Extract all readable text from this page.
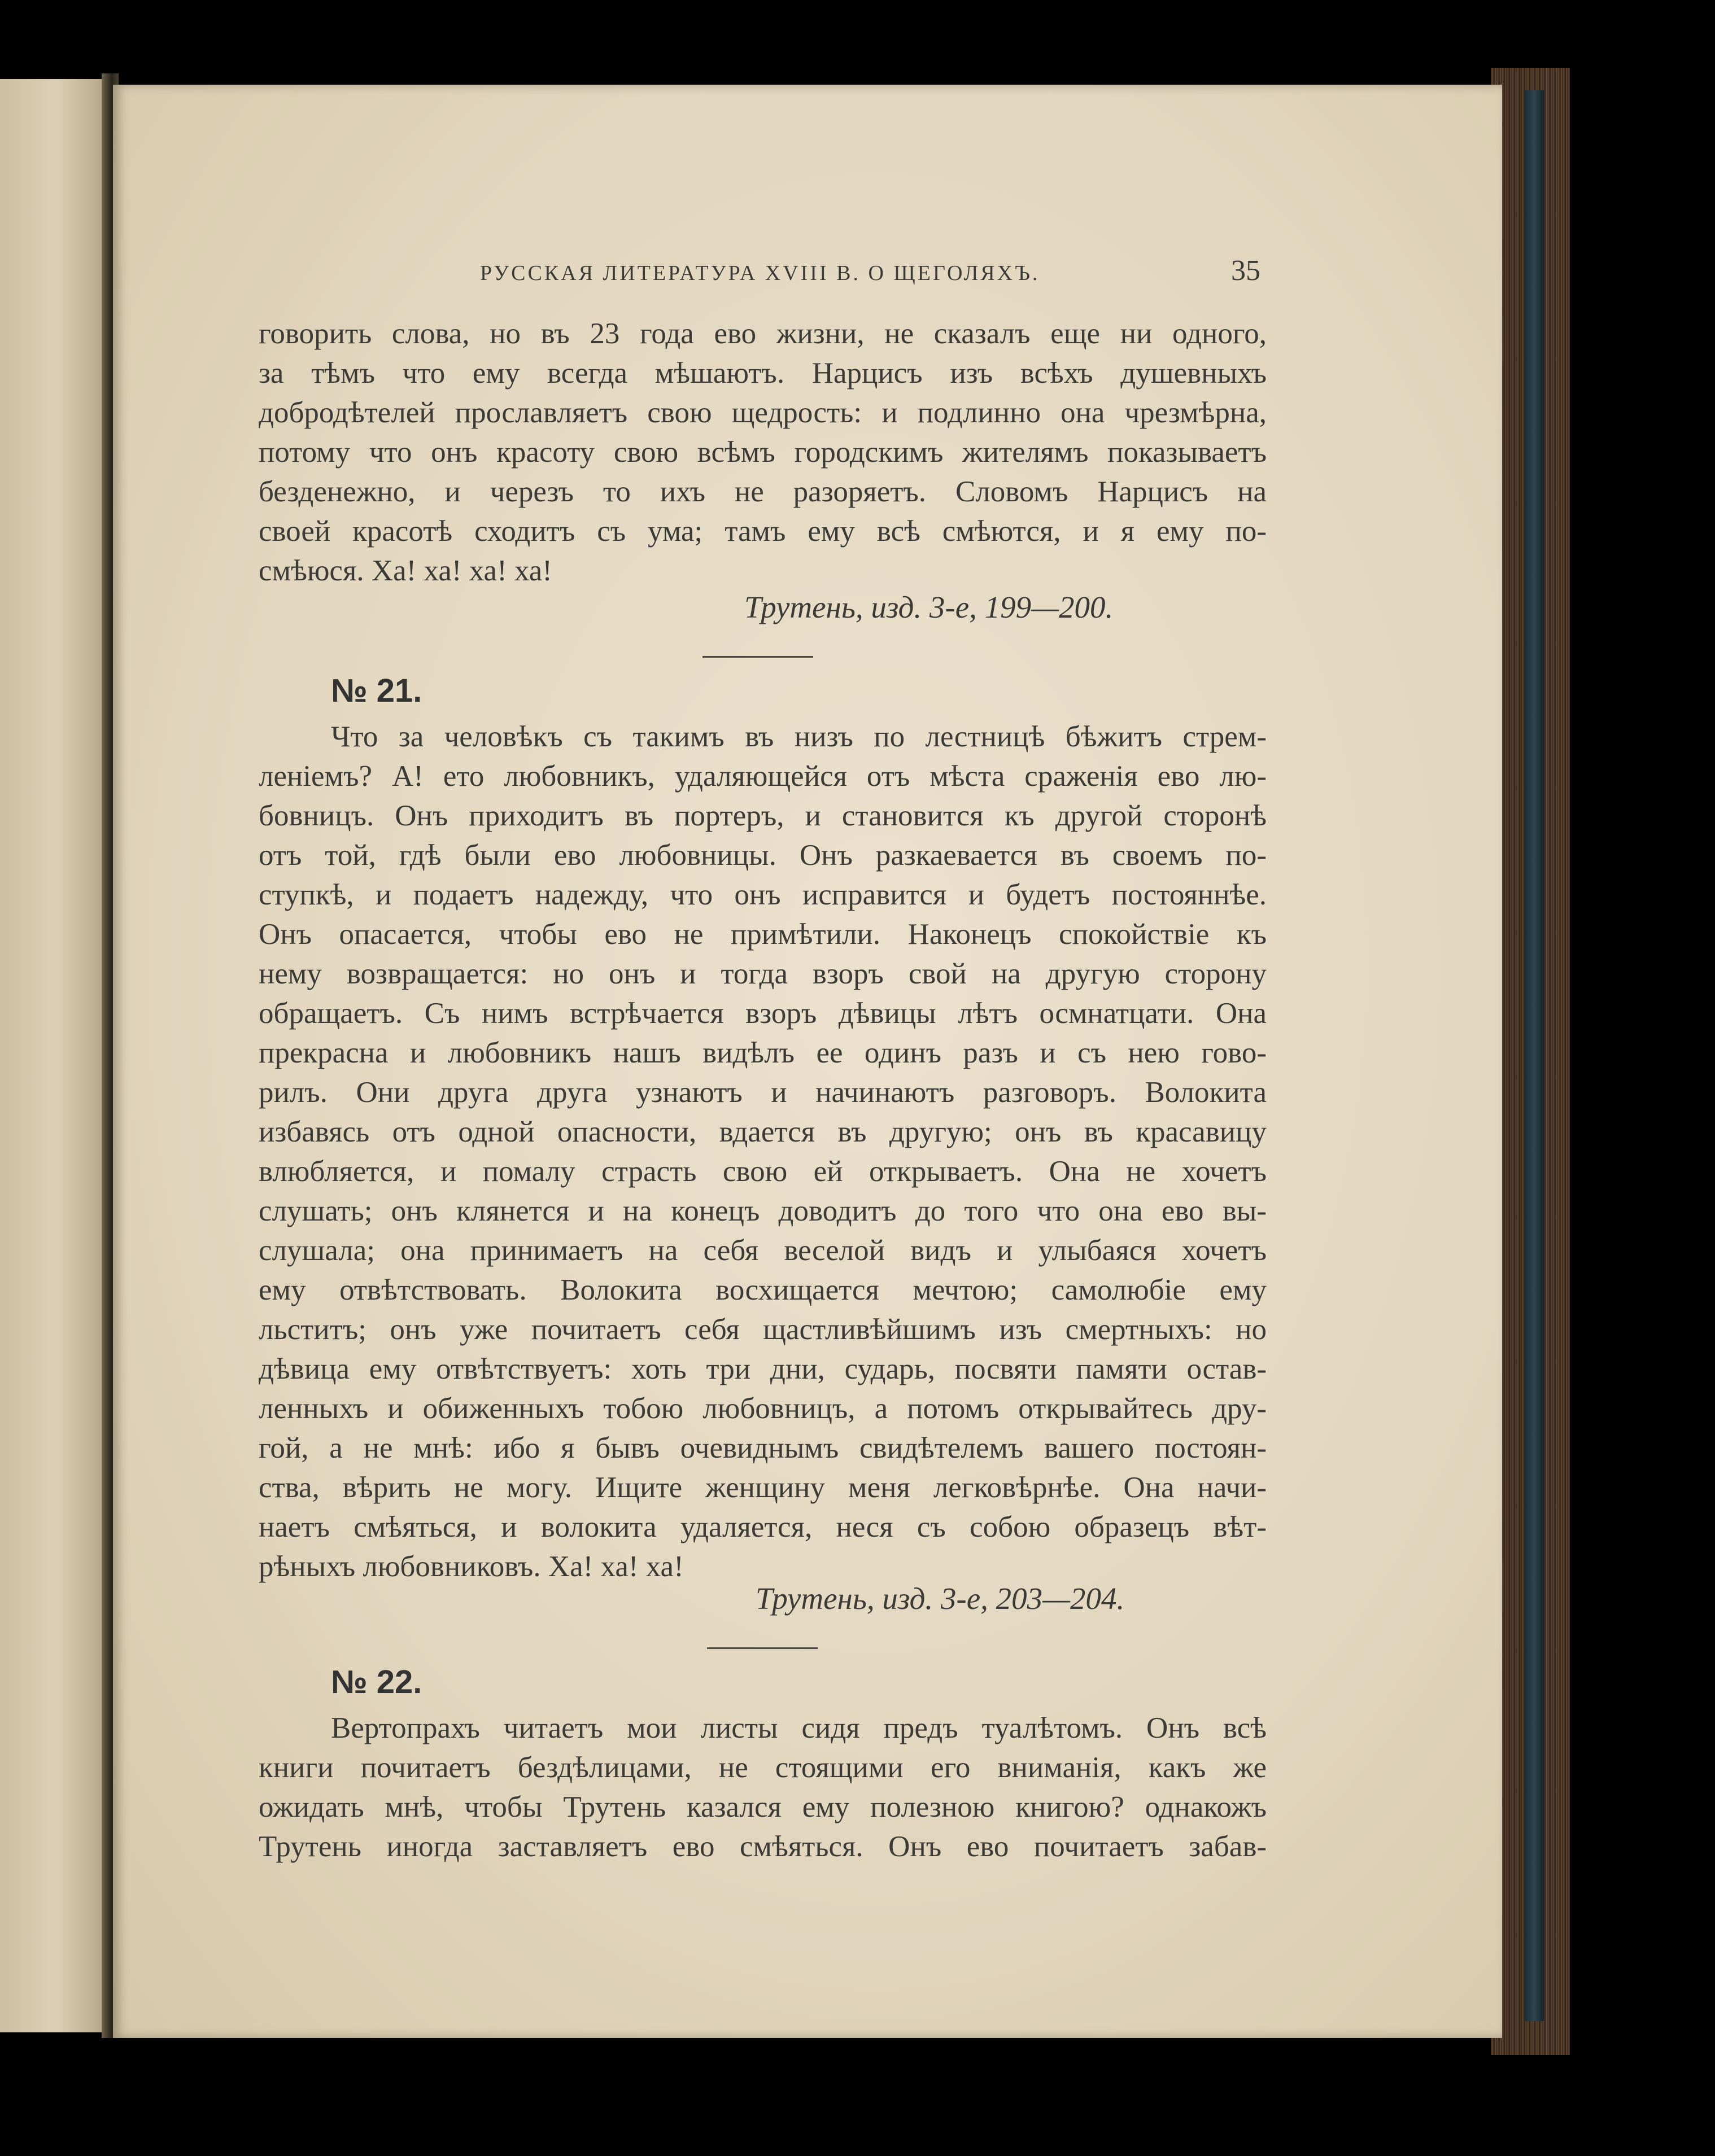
РУССКАЯ ЛИТЕРАТУРА XVIII В. О ЩЕГОЛЯХЪ.	35
говорить слова, но въ 23 года ево жизни, не сказалъ еще ни одного,
за тѣмъ что ему всегда мѣшаютъ. Нарцисъ изъ всѣхъ душевныхъ
добродѣтелей прославляетъ свою щедрость: и подлинно она чрезмѣрна,
потому что онъ красоту свою всѣмъ городскимъ жителямъ показываетъ
безденежно, и черезъ то ихъ не разоряетъ. Словомъ Нарцисъ на
своей красотѣ сходитъ съ ума; тамъ ему всѣ смѣются, и я ему по-
смѣюся. Ха! ха! ха! ха!
Трутень, изд. 3-е, 199—200.
№ 21.
Что за человѣкъ съ такимъ въ низъ по лестницѣ бѣжитъ стрем-
ленiемъ? А! ето любовникъ, удаляющейся отъ мѣста сраженiя ево лю-
бовницъ. Онъ приходитъ въ портеръ, и становится къ другой сторонѣ
отъ той, гдѣ были ево любовницы. Онъ разкаевается въ своемъ по-
ступкѣ, и подаетъ надежду, что онъ исправится и будетъ постояннѣе.
Онъ опасается, чтобы ево не примѣтили. Наконецъ спокойствiе къ
нему возвращается: но онъ и тогда взоръ свой на другую сторону
обращаетъ. Съ нимъ встрѣчается взоръ дѣвицы лѣтъ осмнатцати. Она
прекрасна и любовникъ нашъ видѣлъ ее одинъ разъ и съ нею гово-
рилъ. Они друга друга узнаютъ и начинаютъ разговоръ. Волокита
избавясь отъ одной опасности, вдается въ другую; онъ въ красавицу
влюбляется, и помалу страсть свою ей открываетъ. Она не хочетъ
слушать; онъ клянется и на конецъ доводитъ до того что она ево вы-
слушала; она принимаетъ на себя веселой видъ и улыбаяся хочетъ
ему отвѣтствовать. Волокита восхищается мечтою; самолюбiе ему
льститъ; онъ уже почитаетъ себя щастливѣйшимъ изъ смертныхъ: но
дѣвица ему отвѣтствуетъ: хоть три дни, сударь, посвяти памяти остав-
ленныхъ и обиженныхъ тобою любовницъ, а потомъ открывайтесь дру-
гой, а не мнѣ: ибо я бывъ очевиднымъ свидѣтелемъ вашего постоян-
ства, вѣрить не могу. Ищите женщину меня легковѣрнѣе. Она начи-
наетъ смѣяться, и волокита удаляется, неся съ собою образецъ вѣт-
рѣныхъ любовниковъ. Ха! ха! ха!
Трутень, изд. 3-е, 203—204.
№ 22.
Вертопрахъ читаетъ мои листы сидя предъ туалѣтомъ. Онъ всѣ
книги почитаетъ бездѣлицами, не стоящими его вниманiя, какъ же
ожидать мнѣ, чтобы Трутень казался ему полезною книгою? однакожъ
Трутень иногда заставляетъ ево смѣяться. Онъ ево почитаетъ забав-
